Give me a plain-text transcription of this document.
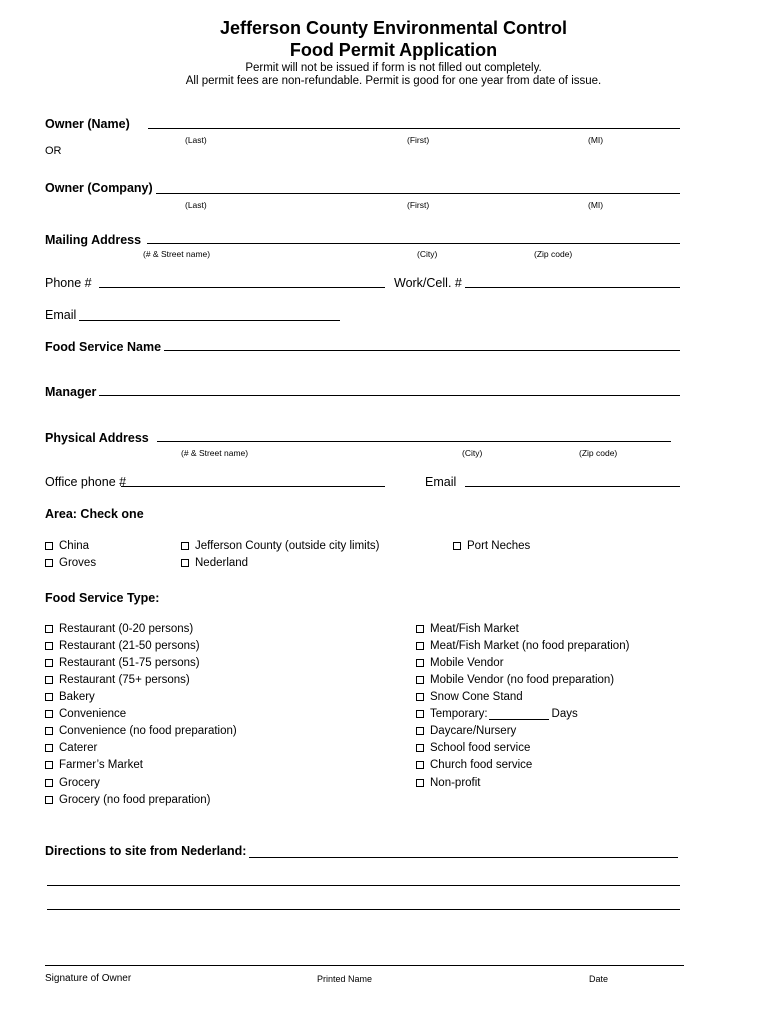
Jefferson County Environmental Control
Food Permit Application
Permit will not be issued if form is not filled out completely.
All permit fees are non-refundable. Permit is good for one year from date of issue.
Owner (Name)
(Last)	(First)	(MI)
OR
Owner (Company)
(Last)	(First)	(MI)
Mailing Address
(# & Street name)	(City)	(Zip code)
Phone #	Work/Cell. #
Email
Food Service Name
Manager
Physical Address
(# & Street name)	(City)	(Zip code)
Office phone #	Email
Area: Check one
China
Groves
Jefferson County (outside city limits)
Nederland
Port Neches
Food Service Type:
Restaurant (0-20 persons)
Restaurant (21-50 persons)
Restaurant (51-75 persons)
Restaurant (75+ persons)
Bakery
Convenience
Convenience (no food preparation)
Caterer
Farmer’s Market
Grocery
Grocery (no food preparation)
Meat/Fish Market
Meat/Fish Market (no food preparation)
Mobile Vendor
Mobile Vendor (no food preparation)
Snow Cone Stand
Temporary:	Days
Daycare/Nursery
School food service
Church food service
Non-profit
Directions to site from Nederland:
Signature of Owner	Printed Name	Date
